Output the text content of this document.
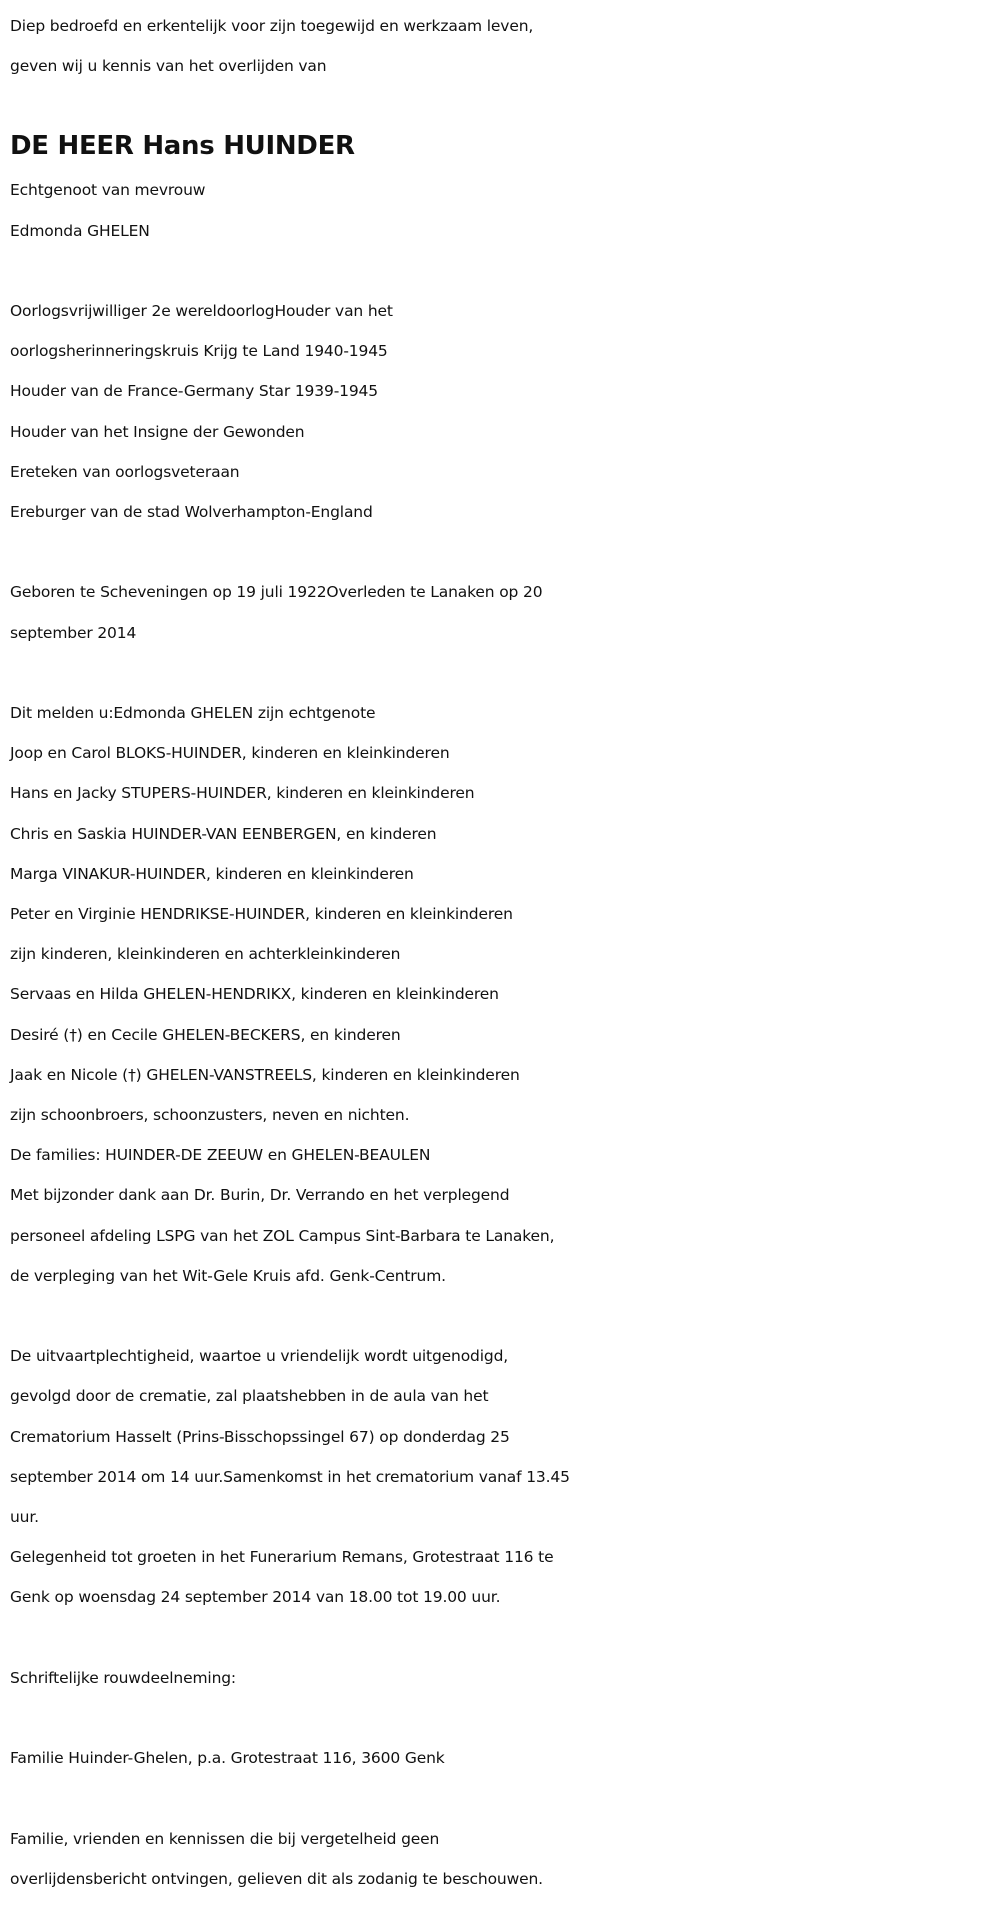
Diep bedroefd en erkentelijk voor zijn toegewijd en werkzaam leven,
geven wij u kennis van het overlijden van
DE HEER Hans HUINDER
Echtgenoot van mevrouw
Edmonda GHELEN
Oorlogsvrijwilliger 2e wereldoorlogHouder van het
oorlogsherinneringskruis Krijg te Land 1940-1945
Houder van de France-Germany Star 1939-1945
Houder van het Insigne der Gewonden
Ereteken van oorlogsveteraan
Ereburger van de stad Wolverhampton-England
Geboren te Scheveningen op 19 juli 1922Overleden te Lanaken op 20
september 2014
Dit melden u:Edmonda GHELEN zijn echtgenote
Joop en Carol BLOKS-HUINDER, kinderen en kleinkinderen
Hans en Jacky STUPERS-HUINDER, kinderen en kleinkinderen
Chris en Saskia HUINDER-VAN EENBERGEN, en kinderen
Marga VINAKUR-HUINDER, kinderen en kleinkinderen
Peter en Virginie HENDRIKSE-HUINDER, kinderen en kleinkinderen
zijn kinderen, kleinkinderen en achterkleinkinderen
Servaas en Hilda GHELEN-HENDRIKX, kinderen en kleinkinderen
Desiré (†) en Cecile GHELEN-BECKERS, en kinderen
Jaak en Nicole (†) GHELEN-VANSTREELS, kinderen en kleinkinderen
zijn schoonbroers, schoonzusters, neven en nichten.
De families: HUINDER-DE ZEEUW en GHELEN-BEAULEN
Met bijzonder dank aan Dr. Burin, Dr. Verrando en het verplegend
personeel afdeling LSPG van het ZOL Campus Sint-Barbara te Lanaken,
de verpleging van het Wit-Gele Kruis afd. Genk-Centrum.
De uitvaartplechtigheid, waartoe u vriendelijk wordt uitgenodigd,
gevolgd door de crematie, zal plaatshebben in de aula van het
Crematorium Hasselt (Prins-Bisschopssingel 67) op donderdag 25
september 2014 om 14 uur.Samenkomst in het crematorium vanaf 13.45
uur.
Gelegenheid tot groeten in het Funerarium Remans, Grotestraat 116 te
Genk op woensdag 24 september 2014 van 18.00 tot 19.00 uur.
Schriftelijke rouwdeelneming:
Familie Huinder-Ghelen, p.a. Grotestraat 116, 3600 Genk
Familie, vrienden en kennissen die bij vergetelheid geen
overlijdensbericht ontvingen, gelieven dit als zodanig te beschouwen.
